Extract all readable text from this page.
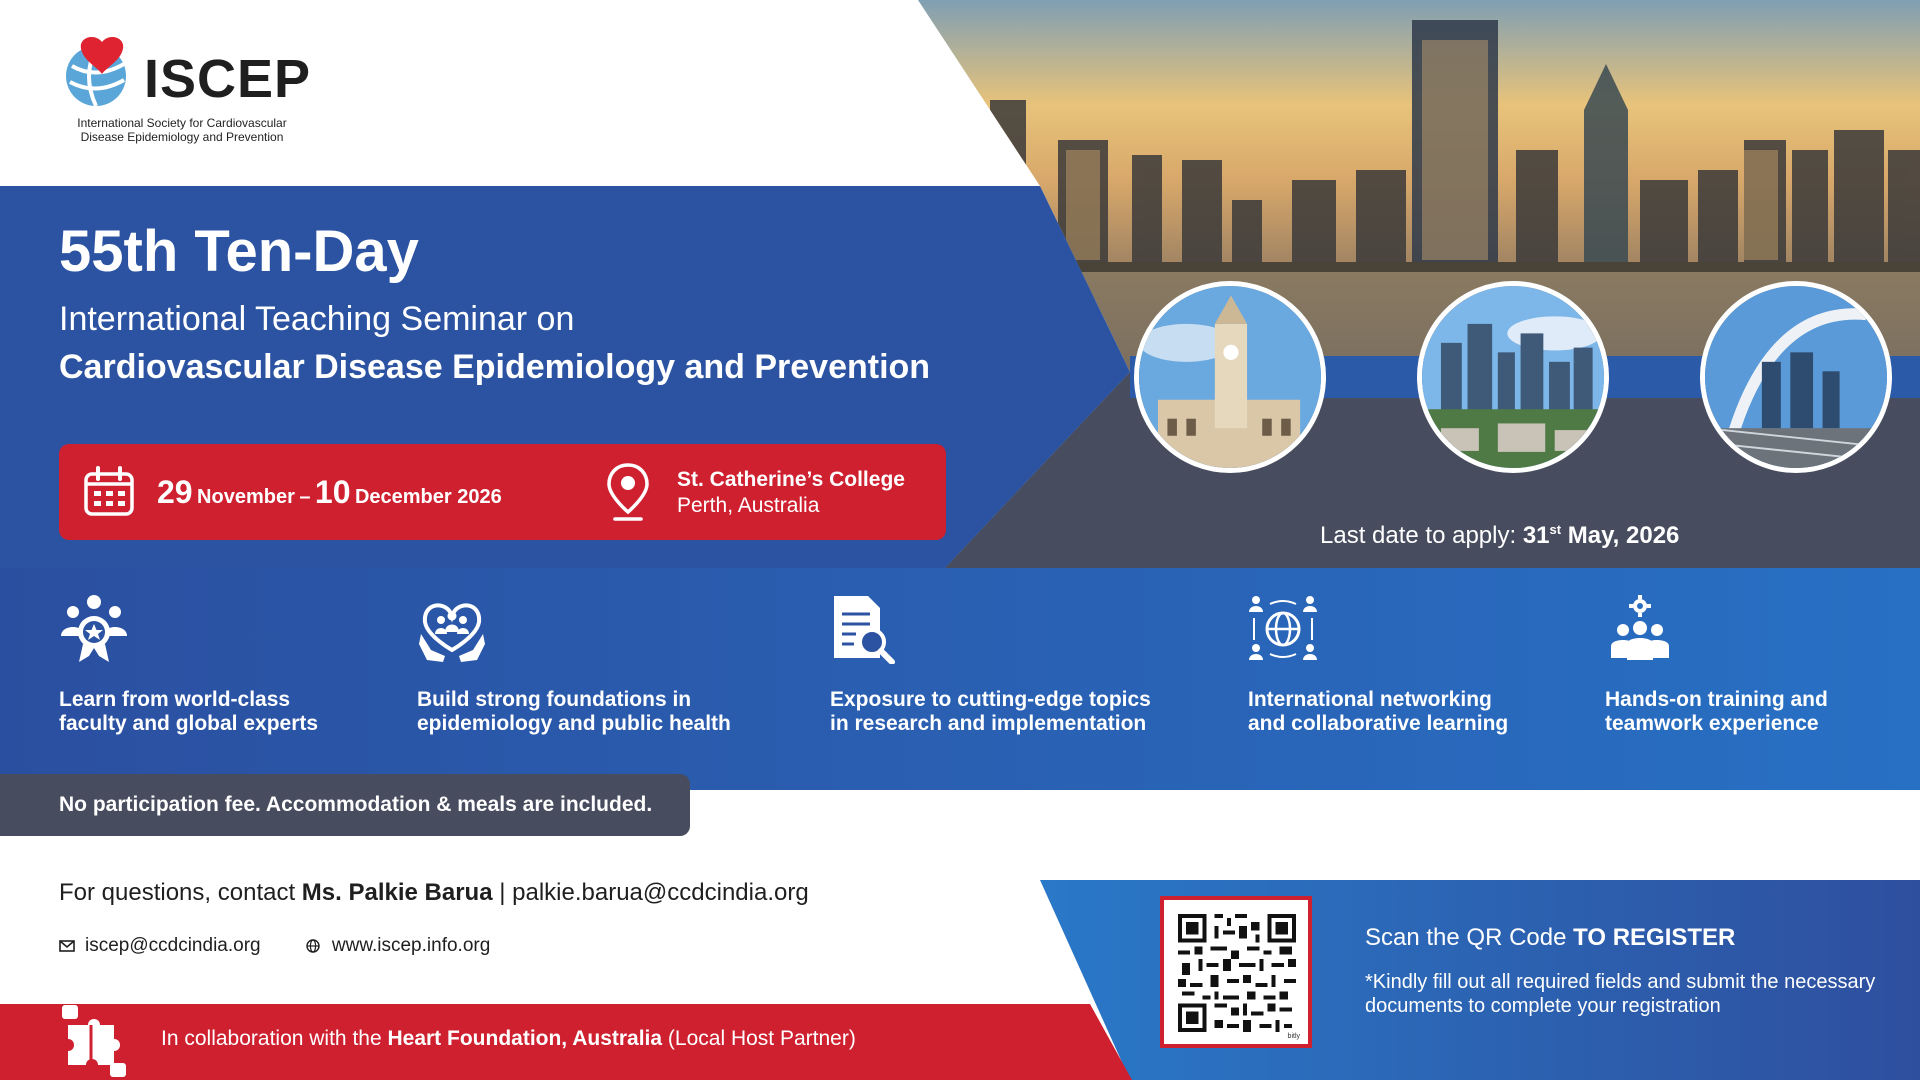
ISCEP
International Society for Cardiovascular Disease Epidemiology and Prevention
55th Ten-Day
International Teaching Seminar on
Cardiovascular Disease Epidemiology and Prevention
29 November – 10 December 2026
St. Catherine’s College
Perth, Australia
Last date to apply: 31st May, 2026
Learn from world-class
faculty and global experts
Build strong foundations in
epidemiology and public health
Exposure to cutting-edge topics
in research and implementation
International networking
and collaborative learning
Hands-on training and
teamwork experience
No participation fee. Accommodation & meals are included.
For questions, contact Ms. Palkie Barua | palkie.barua@ccdcindia.org
iscep@ccdcindia.org	www.iscep.info.org
In collaboration with the Heart Foundation, Australia (Local Host Partner)	bitly
Scan the QR Code TO REGISTER
*Kindly fill out all required fields and submit the necessary documents to complete your registration
